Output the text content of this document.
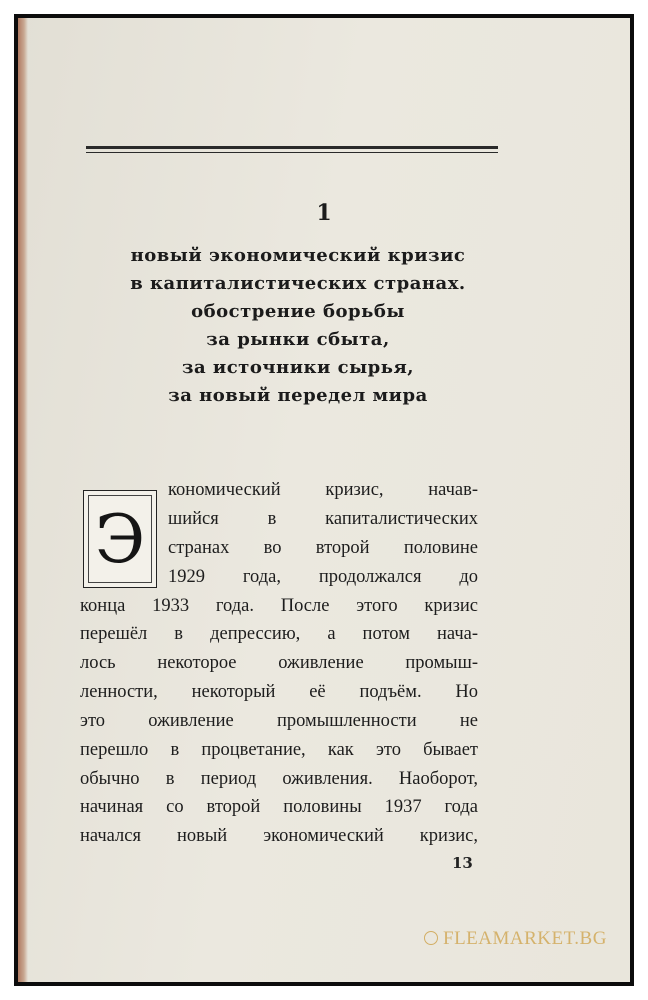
1
новый экономический кризис
в капиталистических странах.
обострение борьбы
за рынки сбыта,
за источники сырья,
за новый передел мира
Э
кономический кризис, начав-
шийся в капиталистических
странах во второй половине
1929 года, продолжался до
конца 1933 года. После этого кризис
перешёл в депрессию, а потом нача-
лось некоторое оживление промыш-
ленности, некоторый её подъём. Но
это оживление промышленности не
перешло в процветание, как это бывает
обычно в период оживления. Наоборот,
начиная со второй половины 1937 года
начался новый экономический кризис,
13
FLEAMARKET.BG
